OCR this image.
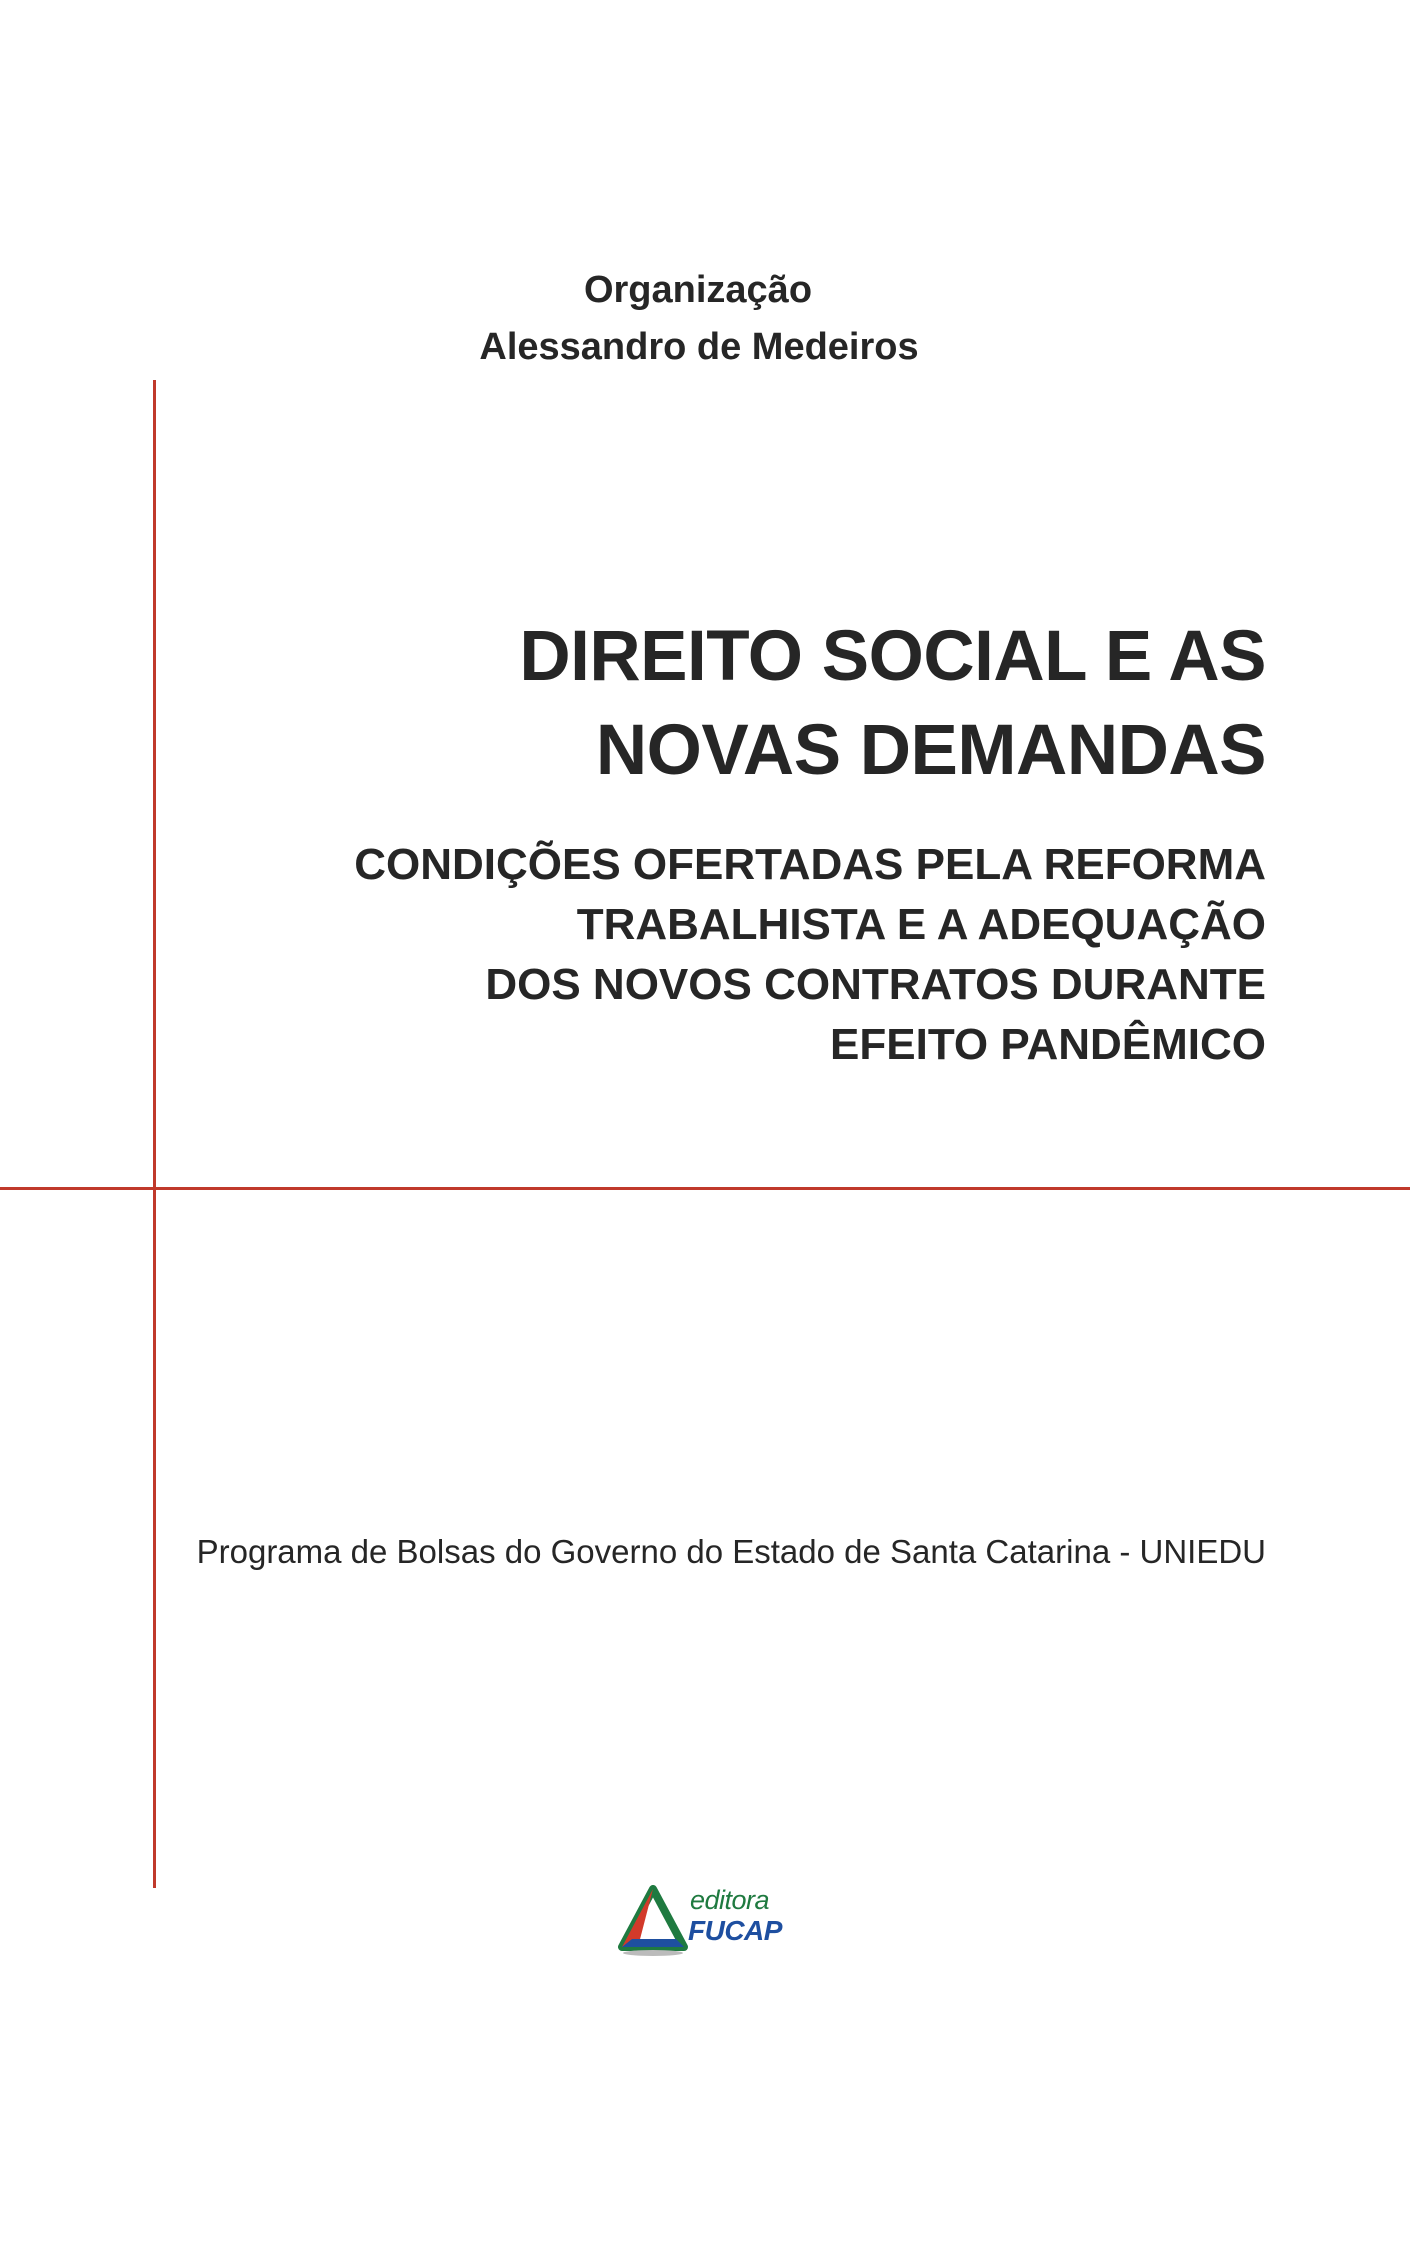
Organização
Alessandro de Medeiros
DIREITO SOCIAL E AS
NOVAS DEMANDAS
CONDIÇÕES OFERTADAS PELA REFORMA
TRABALHISTA E A ADEQUAÇÃO
DOS NOVOS CONTRATOS DURANTE
EFEITO PANDÊMICO
Programa de Bolsas do Governo do Estado de Santa Catarina - UNIEDU
editora
FUCAP
